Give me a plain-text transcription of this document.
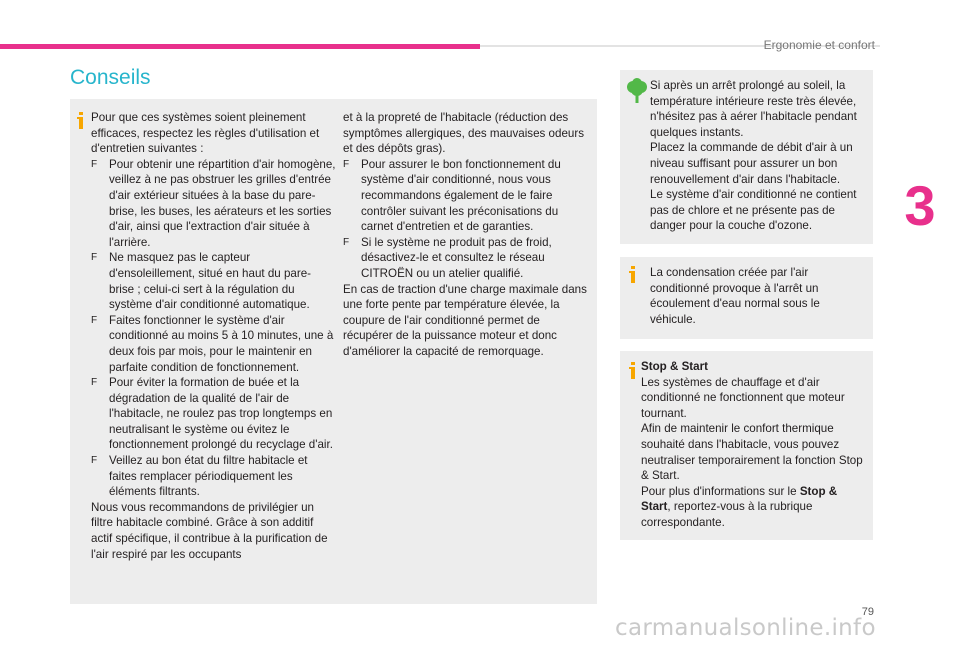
Ergonomie et confort
3
Conseils

Pour que ces systèmes soient pleinement efficaces, respectez les règles d'utilisation et d'entretien suivantes :

F Pour obtenir une répartition d'air homogène, veillez à ne pas obstruer les grilles d'entrée d'air extérieur situées à la base du pare-brise, les buses, les aérateurs et les sorties d'air, ainsi que l'extraction d'air située à l'arrière.
F Ne masquez pas le capteur d'ensoleillement, situé en haut du pare-brise ; celui-ci sert à la régulation du système d'air conditionné automatique.
F Faites fonctionner le système d'air conditionné au moins 5 à 10 minutes, une à deux fois par mois, pour le maintenir en parfaite condition de fonctionnement.
F Pour éviter la formation de buée et la dégradation de la qualité de l'air de l'habitacle, ne roulez pas trop longtemps en neutralisant le système ou évitez le fonctionnement prolongé du recyclage d'air.
F Veillez au bon état du filtre habitacle et faites remplacer périodiquement les éléments filtrants.

Nous vous recommandons de privilégier un filtre habitacle combiné. Grâce à son additif actif spécifique, il contribue à la purification de l'air respiré par les occupants

et à la propreté de l'habitacle (réduction des symptômes allergiques, des mauvaises odeurs et des dépôts gras).

F Pour assurer le bon fonctionnement du système d'air conditionné, nous vous recommandons également de le faire contrôler suivant les préconisations du carnet d'entretien et de garanties.
F Si le système ne produit pas de froid, désactivez-le et consultez le réseau CITROËN ou un atelier qualifié.

En cas de traction d'une charge maximale dans une forte pente par température élevée, la coupure de l'air conditionné permet de récupérer de la puissance moteur et donc d'améliorer la capacité de remorquage.

Si après un arrêt prolongé au soleil, la température intérieure reste très élevée, n'hésitez pas à aérer l'habitacle pendant quelques instants.

Placez la commande de débit d'air à un niveau suffisant pour assurer un bon renouvellement d'air dans l'habitacle.

Le système d'air conditionné ne contient pas de chlore et ne présente pas de danger pour la couche d'ozone.

La condensation créée par l'air conditionné provoque à l'arrêt un écoulement d'eau normal sous le véhicule.

Stop & Start

Les systèmes de chauffage et d'air conditionné ne fonctionnent que moteur tournant.

Afin de maintenir le confort thermique souhaité dans l'habitacle, vous pouvez neutraliser temporairement la fonction Stop & Start.

Pour plus d'informations sur le Stop & Start, reportez-vous à la rubrique correspondante.

79
carmanualsonline.info
